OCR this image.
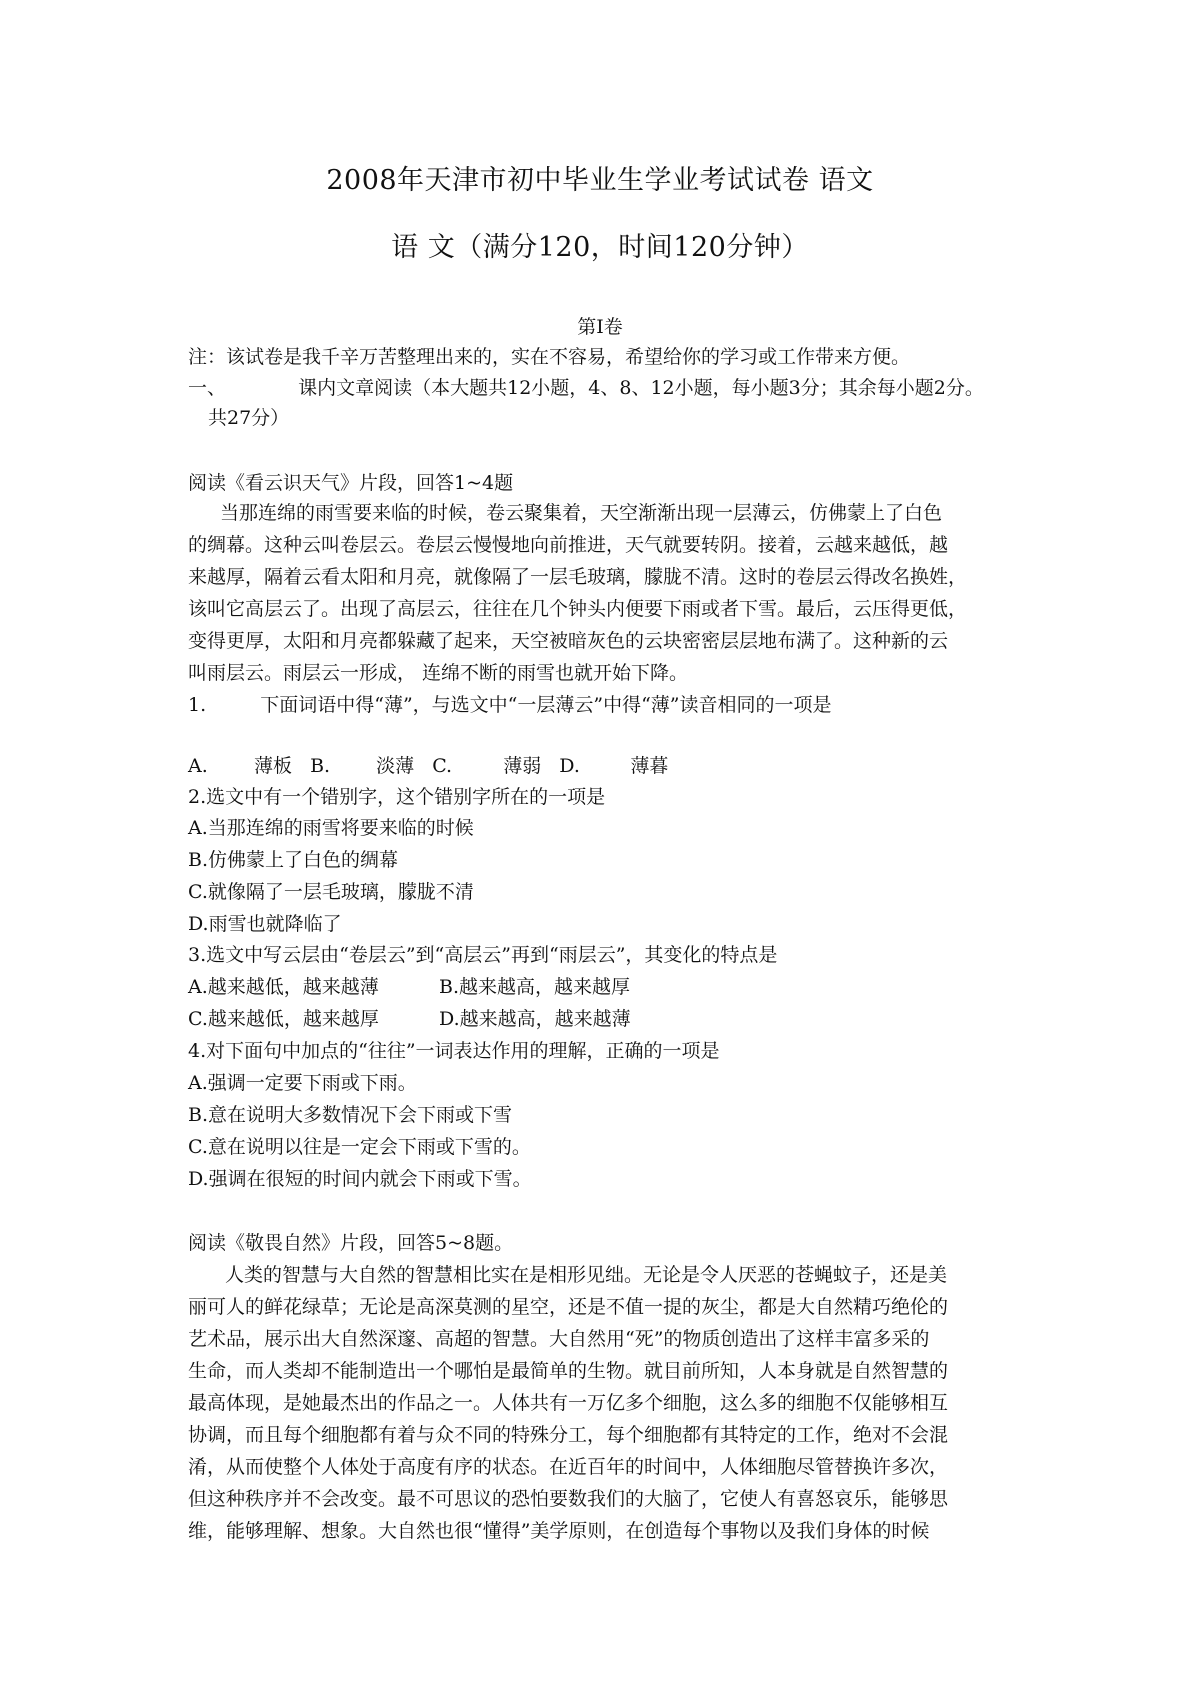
2008年天津市初中毕业生学业考试试卷 语文
语 文（满分120，时间120分钟）
第Ⅰ卷
注：该试卷是我千辛万苦整理出来的，实在不容易，希望给你的学习或工作带来方便。
一、	课内文章阅读（本大题共12小题，4、8、12小题，每小题3分；其余每小题2分。
共27分）
阅读《看云识天气》片段，回答1~4题
当那连绵的雨雪要来临的时候，卷云聚集着，天空渐渐出现一层薄云，仿佛蒙上了白色
的绸幕。这种云叫卷层云。卷层云慢慢地向前推进，天气就要转阴。接着，云越来越低，越
来越厚，隔着云看太阳和月亮，就像隔了一层毛玻璃，朦胧不清。这时的卷层云得改名换姓，
该叫它高层云了。出现了高层云，往往在几个钟头内便要下雨或者下雪。最后，云压得更低，
变得更厚，太阳和月亮都躲藏了起来，天空被暗灰色的云块密密层层地布满了。这种新的云
叫雨层云。雨层云一形成， 连绵不断的雨雪也就开始下降。
1.	下面词语中得“薄”，与选文中“一层薄云”中得“薄”读音相同的一项是
A. 薄板 B. 淡薄 C.	薄弱 D.	薄暮
2.选文中有一个错别字，这个错别字所在的一项是
A.当那连绵的雨雪将要来临的时候
B.仿佛蒙上了白色的绸幕
C.就像隔了一层毛玻璃，朦胧不清
D.雨雪也就降临了
3.选文中写云层由“卷层云”到“高层云”再到“雨层云”，其变化的特点是
A.越来越低，越来越薄	B.越来越高，越来越厚
C.越来越低，越来越厚	D.越来越高，越来越薄
4.对下面句中加点的“往往”一词表达作用的理解，正确的一项是
A.强调一定要下雨或下雨。
B.意在说明大多数情况下会下雨或下雪
C.意在说明以往是一定会下雨或下雪的。
D.强调在很短的时间内就会下雨或下雪。
阅读《敬畏自然》片段，回答5~8题。
人类的智慧与大自然的智慧相比实在是相形见绌。无论是令人厌恶的苍蝇蚊子，还是美
丽可人的鲜花绿草；无论是高深莫测的星空，还是不值一提的灰尘，都是大自然精巧绝伦的
艺术品，展示出大自然深邃、高超的智慧。大自然用“死”的物质创造出了这样丰富多采的
生命，而人类却不能制造出一个哪怕是最简单的生物。就目前所知，人本身就是自然智慧的
最高体现，是她最杰出的作品之一。人体共有一万亿多个细胞，这么多的细胞不仅能够相互
协调，而且每个细胞都有着与众不同的特殊分工，每个细胞都有其特定的工作，绝对不会混
淆，从而使整个人体处于高度有序的状态。在近百年的时间中，人体细胞尽管替换许多次，
但这种秩序并不会改变。最不可思议的恐怕要数我们的大脑了，它使人有喜怒哀乐，能够思
维，能够理解、想象。大自然也很“懂得”美学原则，在创造每个事物以及我们身体的时候
